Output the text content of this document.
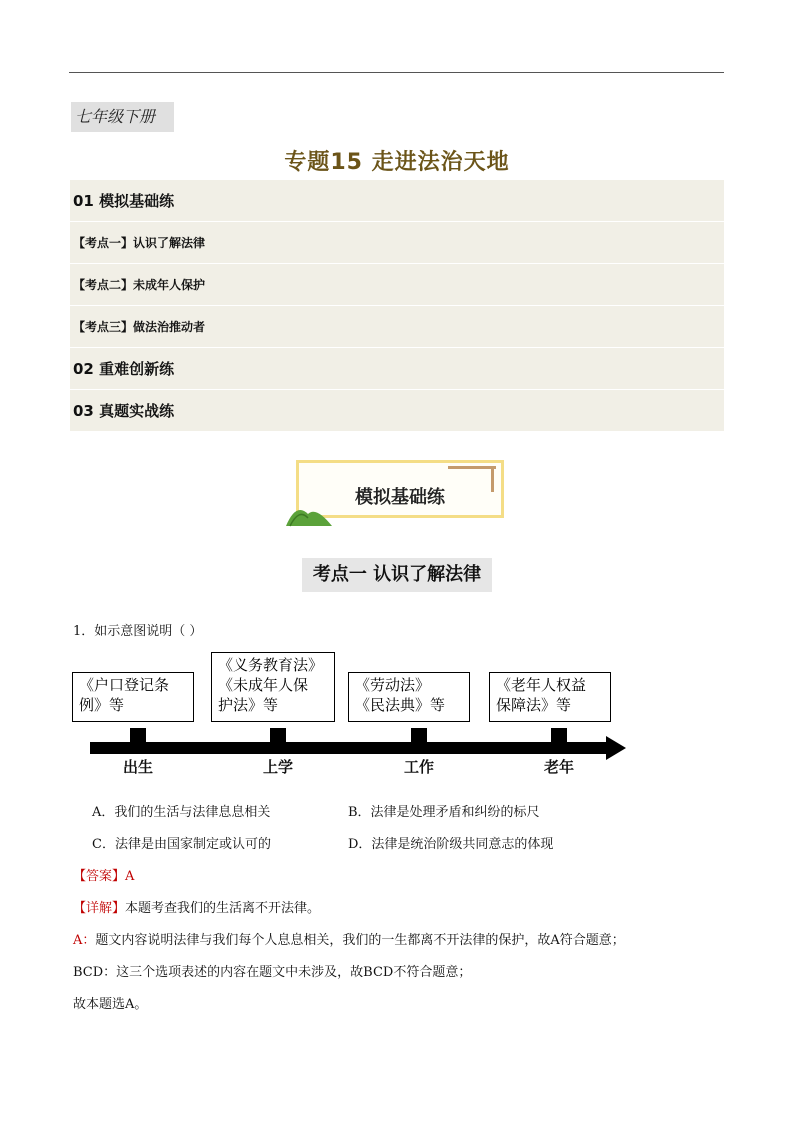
七年级下册
专题15 走进法治天地
01 模拟基础练
【考点一】认识了解法律
【考点二】未成年人保护
【考点三】做法治推动者
02 重难创新练
03 真题实战练
模拟基础练
考点一 认识了解法律
1．如示意图说明（ ）
《户口登记条
例》等
《义务教育法》
《未成年人保
护法》等
《劳动法》
《民法典》等
《老年人权益
保障法》等
出生	上学	工作	老年
A．我们的生活与法律息息相关	B．法律是处理矛盾和纠纷的标尺
C．法律是由国家制定或认可的	D．法律是统治阶级共同意志的体现
【答案】A
【详解】本题考查我们的生活离不开法律。
A：题文内容说明法律与我们每个人息息相关，我们的一生都离不开法律的保护，故A符合题意；
BCD：这三个选项表述的内容在题文中未涉及，故BCD不符合题意；
故本题选A。
